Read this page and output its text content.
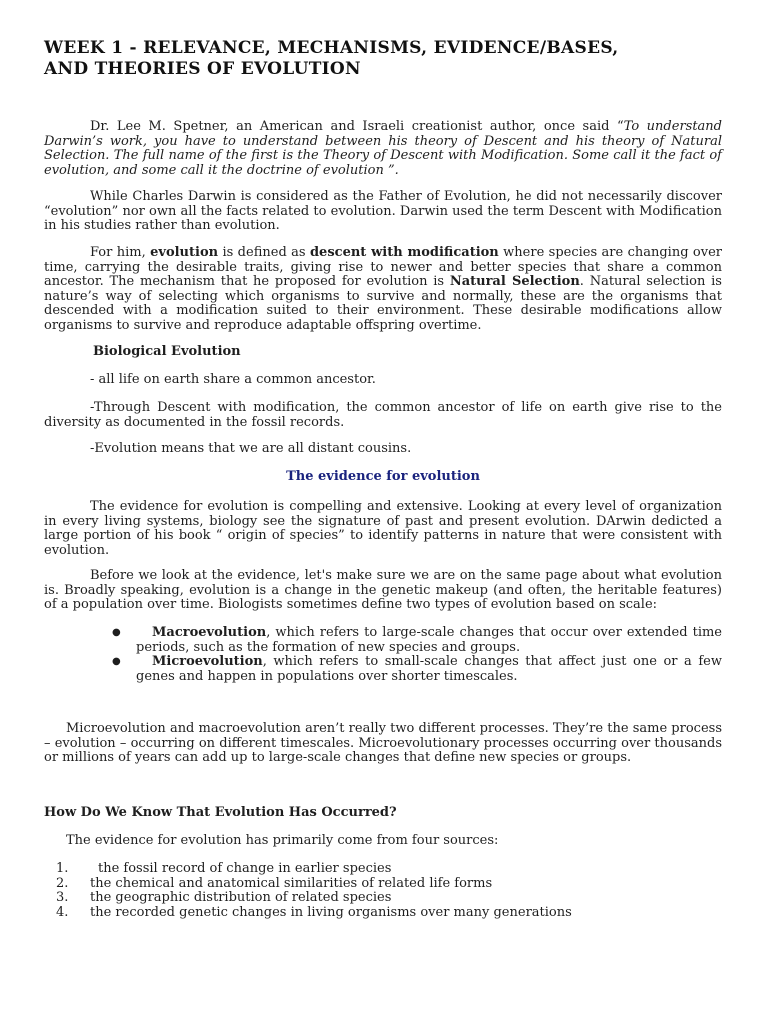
WEEK 1 - RELEVANCE, MECHANISMS, EVIDENCE/BASES,
AND THEORIES OF EVOLUTION

Dr. Lee M. Spetner, an American and Israeli creationist author, once said “To understand Darwin’s work, you have to understand between his theory of Descent and his theory of Natural Selection. The full name of the first is the Theory of Descent with Modification. Some call it the fact of evolution, and some call it the doctrine of evolution ”.

While Charles Darwin is considered as the Father of Evolution, he did not necessarily discover “evolution” nor own all the facts related to evolution. Darwin used the term Descent with Modification in his studies rather than evolution.

For him, evolution is defined as descent with modification where species are changing over time, carrying the desirable traits, giving rise to newer and better species that share a common ancestor. The mechanism that he proposed for evolution is Natural Selection. Natural selection is nature’s way of selecting which organisms to survive and normally, these are the organisms that descended with a modification suited to their environment. These desirable modifications allow organisms to survive and reproduce adaptable offspring overtime.

Biological Evolution

- all life on earth share a common ancestor.

-Through Descent with modification, the common ancestor of life on earth give rise to the diversity as documented in the fossil records.

-Evolution means that we are all distant cousins.

The evidence for evolution

The evidence for evolution is compelling and extensive. Looking at every level of organization in every living systems, biology see the signature of past and present evolution. DArwin dedicted a large portion of his book “ origin of species” to identify patterns in nature that were consistent with evolution.

Before we look at the evidence, let's make sure we are on the same page about what evolution is. Broadly speaking, evolution is a change in the genetic makeup (and often, the heritable features) of a population over time. Biologists sometimes define two types of evolution based on scale:

● Macroevolution, which refers to large-scale changes that occur over extended time periods, such as the formation of new species and groups.
● Microevolution, which refers to small-scale changes that affect just one or a few genes and happen in populations over shorter timescales.

Microevolution and macroevolution aren’t really two different processes. They’re the same process – evolution – occurring on different timescales. Microevolutionary processes occurring over thousands or millions of years can add up to large-scale changes that define new species or groups.

How Do We Know That Evolution Has Occurred?

The evidence for evolution has primarily come from four sources:

1. the fossil record of change in earlier species
2. the chemical and anatomical similarities of related life forms
3. the geographic distribution of related species
4. the recorded genetic changes in living organisms over many generations
